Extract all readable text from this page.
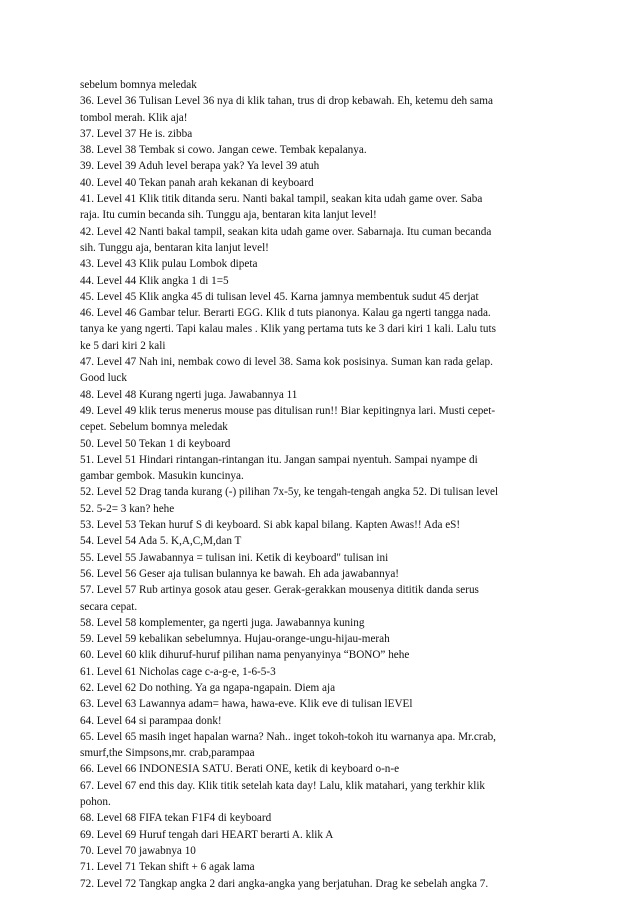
sebelum bomnya meledak
36. Level 36 Tulisan Level 36 nya di klik tahan, trus di drop kebawah. Eh, ketemu deh sama
tombol merah. Klik aja!
37. Level 37 He is. zibba
38. Level 38 Tembak si cowo. Jangan cewe. Tembak kepalanya.
39. Level 39 Aduh level berapa yak? Ya level 39 atuh
40. Level 40 Tekan panah arah kekanan di keyboard
41. Level 41 Klik titik ditanda seru. Nanti bakal tampil, seakan kita udah game over. Saba
raja. Itu cumin becanda sih. Tunggu aja, bentaran kita lanjut level!
42. Level 42 Nanti bakal tampil, seakan kita udah game over. Sabarnaja. Itu cuman becanda
sih. Tunggu aja, bentaran kita lanjut level!
43. Level 43 Klik pulau Lombok dipeta
44. Level 44 Klik angka 1 di 1=5
45. Level 45 Klik angka 45 di tulisan level 45. Karna jamnya membentuk sudut 45 derjat
46. Level 46 Gambar telur. Berarti EGG. Klik d tuts pianonya. Kalau ga ngerti tangga nada.
tanya ke yang ngerti. Tapi kalau males . Klik yang pertama tuts ke 3 dari kiri 1 kali. Lalu tuts
ke 5 dari kiri 2 kali
47. Level 47 Nah ini, nembak cowo di level 38. Sama kok posisinya. Suman kan rada gelap.
Good luck
48. Level 48 Kurang ngerti juga. Jawabannya 11
49. Level 49 klik terus menerus mouse pas ditulisan run!! Biar kepitingnya lari. Musti cepet-
cepet. Sebelum bomnya meledak
50. Level 50 Tekan 1 di keyboard
51. Level 51 Hindari rintangan-rintangan itu. Jangan sampai nyentuh. Sampai nyampe di
gambar gembok. Masukin kuncinya.
52. Level 52 Drag tanda kurang (-) pilihan 7x-5y, ke tengah-tengah angka 52. Di tulisan level
52. 5-2= 3 kan? hehe
53. Level 53 Tekan huruf S di keyboard. Si abk kapal bilang. Kapten Awas!! Ada eS!
54. Level 54 Ada 5. K,A,C,M,dan T
55. Level 55 Jawabannya = tulisan ini. Ketik di keyboard" tulisan ini
56. Level 56 Geser aja tulisan bulannya ke bawah. Eh ada jawabannya!
57. Level 57 Rub artinya gosok atau geser. Gerak-gerakkan mousenya dititik danda serus
secara cepat.
58. Level 58 komplementer, ga ngerti juga. Jawabannya kuning
59. Level 59 kebalikan sebelumnya. Hujau-orange-ungu-hijau-merah
60. Level 60 klik dihuruf-huruf pilihan nama penyanyinya “BONO” hehe
61. Level 61 Nicholas cage c-a-g-e, 1-6-5-3
62. Level 62 Do nothing. Ya ga ngapa-ngapain. Diem aja
63. Level 63 Lawannya adam= hawa, hawa-eve. Klik eve di tulisan lEVEl
64. Level 64 si parampaa donk!
65. Level 65 masih inget hapalan warna? Nah.. inget tokoh-tokoh itu warnanya apa. Mr.crab,
smurf,the Simpsons,mr. crab,parampaa
66. Level 66 INDONESIA SATU. Berati ONE, ketik di keyboard o-n-e
67. Level 67 end this day. Klik titik setelah kata day! Lalu, klik matahari, yang terkhir klik
pohon.
68. Level 68 FIFA tekan F1F4 di keyboard
69. Level 69 Huruf tengah dari HEART berarti A. klik A
70. Level 70 jawabnya 10
71. Level 71 Tekan shift + 6 agak lama
72. Level 72 Tangkap angka 2 dari angka-angka yang berjatuhan. Drag ke sebelah angka 7.
